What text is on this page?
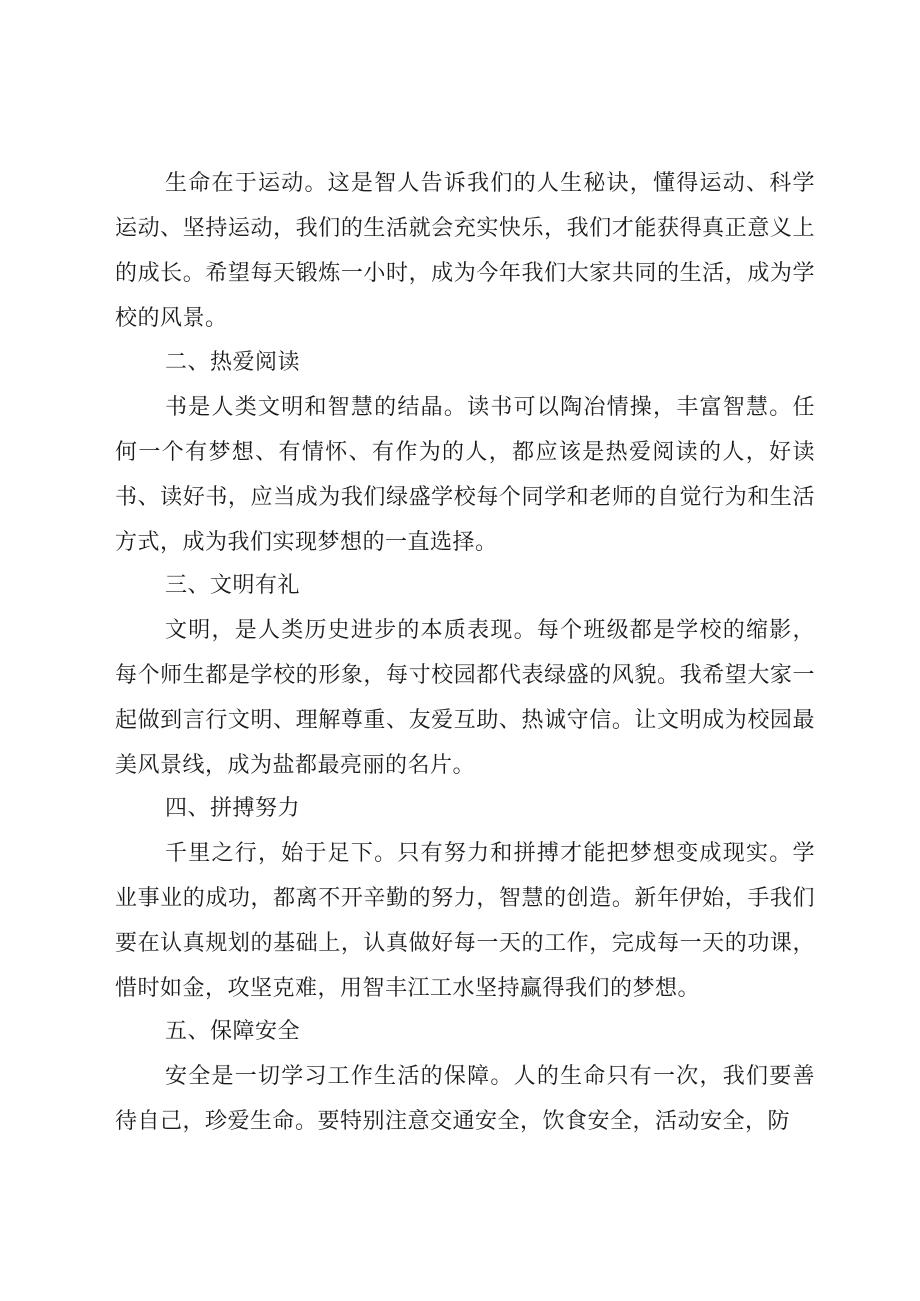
生命在于运动。这是智人告诉我们的人生秘诀，懂得运动、科学运动、坚持运动，我们的生活就会充实快乐，我们才能获得真正意义上的成长。希望每天锻炼一小时，成为今年我们大家共同的生活，成为学校的风景。

二、热爱阅读

书是人类文明和智慧的结晶。读书可以陶冶情操，丰富智慧。任何一个有梦想、有情怀、有作为的人，都应该是热爱阅读的人，好读书、读好书，应当成为我们绿盛学校每个同学和老师的自觉行为和生活方式，成为我们实现梦想的一直选择。

三、文明有礼

文明，是人类历史进步的本质表现。每个班级都是学校的缩影，每个师生都是学校的形象，每寸校园都代表绿盛的风貌。我希望大家一起做到言行文明、理解尊重、友爱互助、热诚守信。让文明成为校园最美风景线，成为盐都最亮丽的名片。

四、拼搏努力

千里之行，始于足下。只有努力和拼搏才能把梦想变成现实。学业事业的成功，都离不开辛勤的努力，智慧的创造。新年伊始，手我们要在认真规划的基础上，认真做好每一天的工作，完成每一天的功课，惜时如金，攻坚克难，用智丰江工水坚持赢得我们的梦想。

五、保障安全

安全是一切学习工作生活的保障。人的生命只有一次，我们要善待自己，珍爱生命。要特别注意交通安全，饮食安全，活动安全，防
